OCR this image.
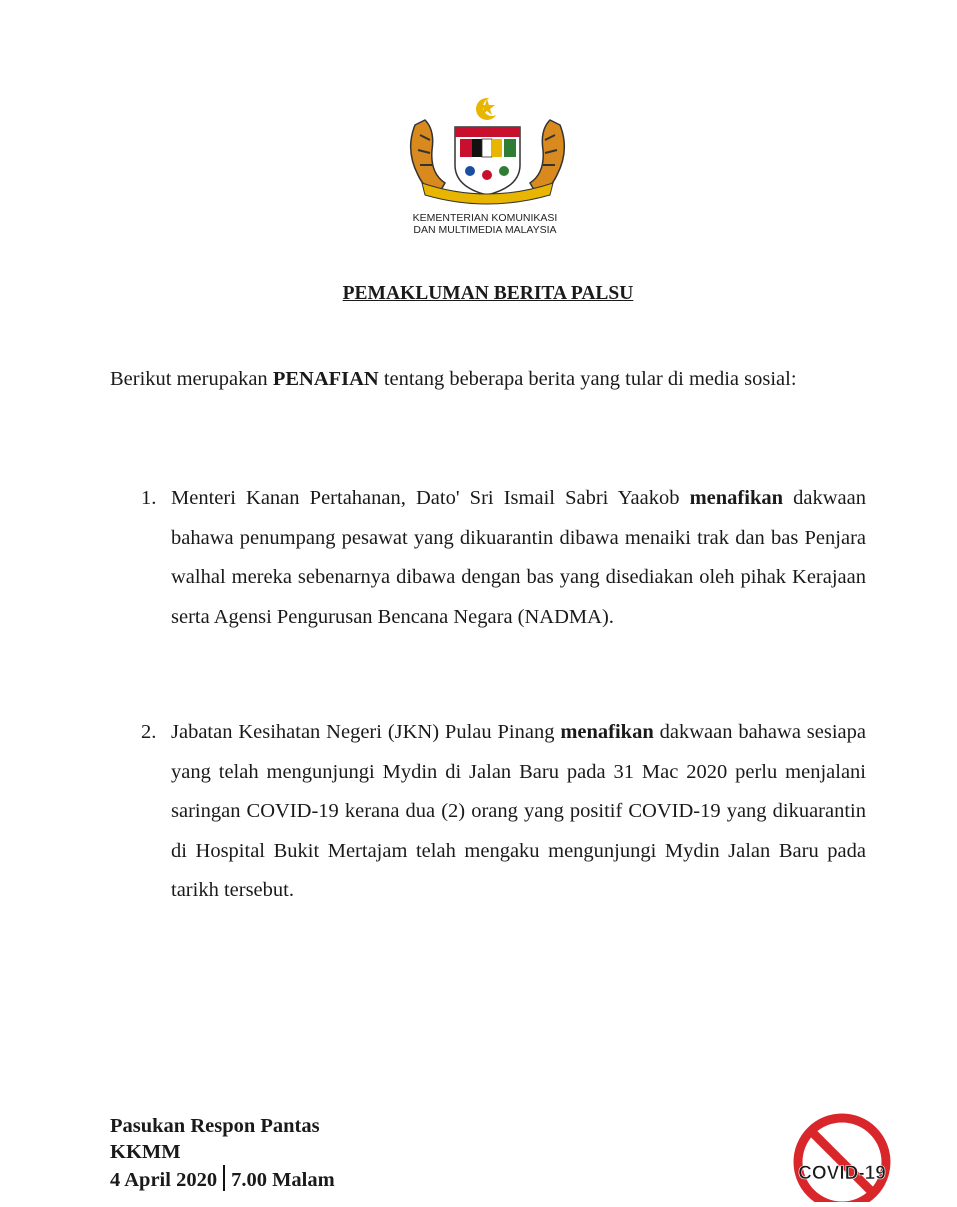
KEMENTERIAN KOMUNIKASI
DAN MULTIMEDIA MALAYSIA
PEMAKLUMAN BERITA PALSU
Berikut merupakan PENAFIAN tentang beberapa berita yang tular di media sosial:
1. Menteri Kanan Pertahanan, Dato' Sri Ismail Sabri Yaakob menafikan dakwaan bahawa penumpang pesawat yang dikuarantin dibawa menaiki trak dan bas Penjara walhal mereka sebenarnya dibawa dengan bas yang disediakan oleh pihak Kerajaan serta Agensi Pengurusan Bencana Negara (NADMA).
2. Jabatan Kesihatan Negeri (JKN) Pulau Pinang menafikan dakwaan bahawa sesiapa yang telah mengunjungi Mydin di Jalan Baru pada 31 Mac 2020 perlu menjalani saringan COVID-19 kerana dua (2) orang yang positif COVID-19 yang dikuarantin di Hospital Bukit Mertajam telah mengaku mengunjungi Mydin Jalan Baru pada tarikh tersebut.
Pasukan Respon Pantas
KKMM
4 April 2020 7.00 Malam	COVID-19
